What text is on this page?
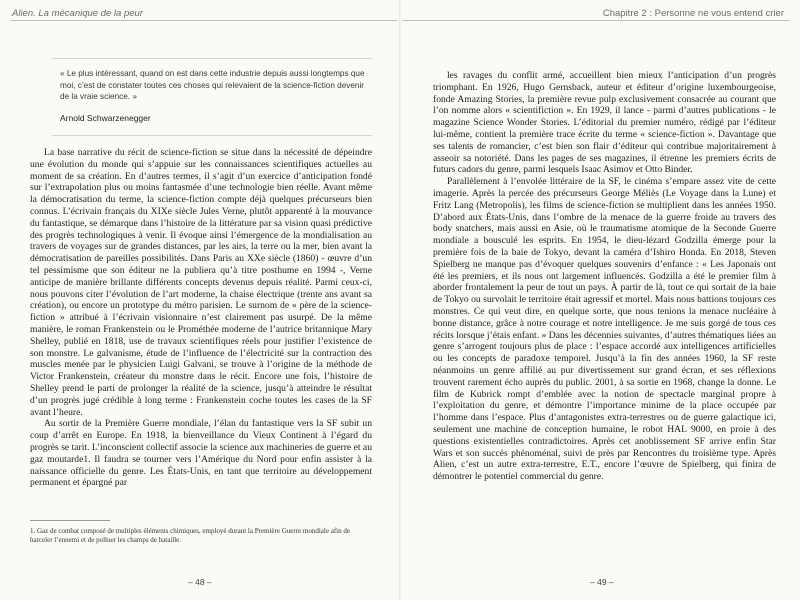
Alien. La mécanique de la peur	Chapitre 2 : Personne ne vous entend crier
« Le plus intéressant, quand on est dans cette industrie depuis aussi longtemps que moi, c’est de constater toutes ces choses qui relevaient de la science-fiction devenir de la vraie science. »
Arnold Schwarzenegger

La base narrative du récit de science-fiction se situe dans la nécessité de dépeindre une évolution du monde qui s’appuie sur les connaissances scientifiques actuelles au moment de sa création. En d’autres termes, il s’agit d’un exercice d’anticipation fondé sur l’extrapolation plus ou moins fantasmée d’une technologie bien réelle. Avant même la démocratisation du terme, la science-fiction compte déjà quelques précurseurs bien connus. L’écrivain français du XIXe siècle Jules Verne, plutôt apparenté à la mouvance du fantastique, se démarque dans l’histoire de la littérature par sa vision quasi prédictive des progrès technologiques à venir. Il évoque ainsi l’émergence de la mondialisation au travers de voyages sur de grandes distances, par les airs, la terre ou la mer, bien avant la démocratisation de pareilles possibilités. Dans Paris au XXe siècle (1860) - œuvre d’un tel pessimisme que son éditeur ne la publiera qu’à titre posthume en 1994 -, Verne anticipe de manière brillante différents concepts devenus depuis réalité. Parmi ceux-ci, nous pouvons citer l’évolution de l’art moderne, la chaise électrique (trente ans avant sa création), ou encore un prototype du métro parisien. Le surnom de « père de la science-fiction » attribué à l’écrivain visionnaire n’est clairement pas usurpé. De la même manière, le roman Frankenstein ou le Prométhée moderne de l’autrice britannique Mary Shelley, publié en 1818, use de travaux scientifiques réels pour justifier l’existence de son monstre. Le galvanisme, étude de l’influence de l’électricité sur la contraction des muscles menée par le physicien Luigi Galvani, se trouve à l’origine de la méthode de Victor Frankenstein, créateur du monstre dans le récit. Encore une fois, l’histoire de Shelley prend le parti de prolonger la réalité de la science, jusqu’à atteindre le résultat d’un progrès jugé crédible à long terme : Frankenstein coche toutes les cases de la SF avant l’heure.

Au sortir de la Première Guerre mondiale, l’élan du fantastique vers la SF subit un coup d’arrêt en Europe. En 1918, la bienveillance du Vieux Continent à l’égard du progrès se tarit. L’inconscient collectif associe la science aux machineries de guerre et au gaz moutarde1. Il faudra se tourner vers l’Amérique du Nord pour enfin assister à la naissance officielle du genre. Les États-Unis, en tant que territoire au développement permanent et épargné par

1. Gaz de combat composé de multiples éléments chimiques, employé durant la Première Guerre mondiale afin de harceler l’ennemi et de polluer les champs de bataille.
– 48 –

les ravages du conflit armé, accueillent bien mieux l’anticipation d’un progrès triomphant. En 1926, Hugo Gernsback, auteur et éditeur d’origine luxembourgeoise, fonde Amazing Stories, la première revue pulp exclusivement consacrée au courant que l’on nomme alors « scientifiction ». En 1929, il lance - parmi d’autres publications - le magazine Science Wonder Stories. L’éditorial du premier numéro, rédigé par l’éditeur lui-même, contient la première trace écrite du terme « science-fiction ». Davantage que ses talents de romancier, c’est bien son flair d’éditeur qui contribue majoritairement à asseoir sa notoriété. Dans les pages de ses magazines, il étrenne les premiers écrits de futurs cadors du genre, parmi lesquels Isaac Asimov et Otto Binder.

Parallèlement à l’envolée littéraire de la SF, le cinéma s’empare assez vite de cette imagerie. Après la percée des précurseurs George Méliès (Le Voyage dans la Lune) et Fritz Lang (Metropolis), les films de science-fiction se multiplient dans les années 1950. D’abord aux États-Unis, dans l’ombre de la menace de la guerre froide au travers des body snatchers, mais aussi en Asie, où le traumatisme atomique de la Seconde Guerre mondiale a bousculé les esprits. En 1954, le dieu-lézard Godzilla émerge pour la première fois de la baie de Tokyo, devant la caméra d’Ishiro Honda. En 2018, Steven Spielberg ne manque pas d’évoquer quelques souvenirs d’enfance : « Les Japonais ont été les premiers, et ils nous ont largement influencés. Godzilla a été le premier film à aborder frontalement la peur de tout un pays. À partir de là, tout ce qui sortait de la baie de Tokyo ou survolait le territoire était agressif et mortel. Mais nous battions toujours ces monstres. Ce qui veut dire, en quelque sorte, que nous tenions la menace nucléaire à bonne distance, grâce à notre courage et notre intelligence. Je me suis gorgé de tous ces récits lorsque j’étais enfant. » Dans les décennies suivantes, d’autres thématiques liées au genre s’arrogent toujours plus de place : l’espace accordé aux intelligences artificielles ou les concepts de paradoxe temporel. Jusqu’à la fin des années 1960, la SF reste néanmoins un genre affilié au pur divertissement sur grand écran, et ses réflexions trouvent rarement écho auprès du public. 2001, à sa sortie en 1968, change la donne. Le film de Kubrick rompt d’emblée avec la notion de spectacle marginal propre à l’exploitation du genre, et démontre l’importance minime de la place occupée par l’homme dans l’espace. Plus d’antagonistes extra-terrestres ou de guerre galactique ici, seulement une machine de conception humaine, le robot HAL 9000, en proie à des questions existentielles contradictoires. Après cet anoblissement SF arrive enfin Star Wars et son succès phénoménal, suivi de près par Rencontres du troisième type. Après Alien, c’est un autre extra-terrestre, E.T., encore l’œuvre de Spielberg, qui finira de démontrer le potentiel commercial du genre.

– 49 –
